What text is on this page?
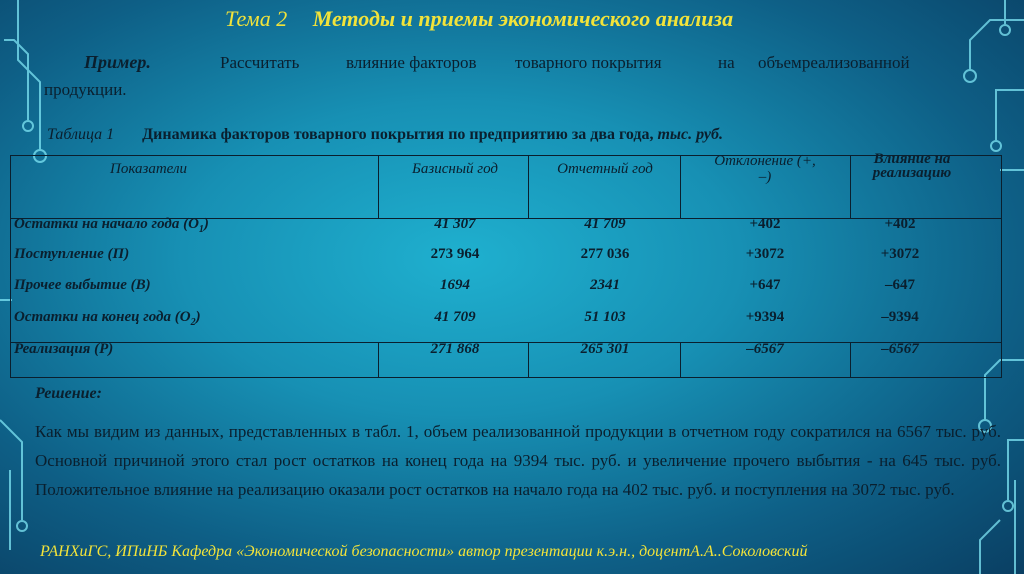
Тема 2 Методы и приемы экономического анализа
Пример.	Рассчитать	влияние факторов товарного покрытия	на объемреализованной
продукции.
Таблица 1 Динамика факторов товарного покрытия по предприятию за два года, тыс. руб.
Показатели	Базисный год	Отчетный год	Отклонение (+,
–)
Влияние на
реализацию
Остатки на начало года $(О_1)$	41 307	41 709	+402	+402
Поступление (П)	273 964	277 036	+3072	+3072
Прочее выбытие (В)	1694	2341	+647	–647
Остатки на конец года $(О_2)$	41 709	51 103	+9394	–9394
Реализация (Р)	271 868	265 301	–6567	–6567
Решение:
Как мы видим из данных, представленных в табл. 1, объем реализованной продукции в отчетном году сократился на 6567 тыс. руб. Основной причиной этого стал рост остатков на конец года на 9394 тыс. руб. и увеличение прочего выбытия - на 645 тыс. руб. Положительное влияние на реализацию оказали рост остатков на начало года на 402 тыс. руб. и поступления на 3072 тыс. руб.
РАНХиГС, ИПиНБ Кафедра «Экономической безопасности» автор презентации к.э.н., доцентА.А..Соколовский
